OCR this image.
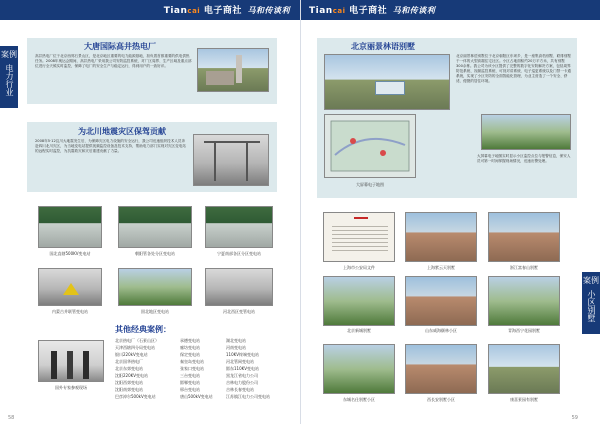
Tiancai 电子商社 马和传谈利
案例
电力行业
大唐国际高井热电厂
高井热电厂位于北京西郊石景山区，是北京地区重要的电力能源基地，担负着首都重要的供电供热任务。2008年奥运会期间，高井热电厂采用我公司安防监控系统，对厂区周界、生产区域及重点部位进行全天候实时监控，保障了电厂的安全生产与稳定运行，得到用户的一致好评。
为北川地震灾区保驾贡献
2008年5·12汶川大地震发生后，为保障灾区电力设施的安全运行，我公司迅速组织技术人员奔赴四川北川灾区，为当地变电站提供视频监控设备及技术支持，帮助电力部门实现对灾区变电站的远程实时监控，为抗震救灾和灾后重建贡献了力量。
国北直辖500KV变电站	朝阳管各处分区变电站	宁夏南部各区分区变电站
内蒙古并联管变电站	固北地区变电站	河北西区变管电站
国外专家参观现场
其他经典案例：
北京热电厂（石景山区）
天津西辖四分局变电站
银川220kV变电站
北京国华热电厂
北京东郊变电站
沈阳220KV变电站
沈阳西郊变电站
沈阳南郊变电站
巴彦淖尔500kV变电站
承德变电站
廊坊变电站
保定变电站
秦皇岛变电站
张家口变电站
三台变电站
邯郸变电站
邢台变电站
唐山500kV变电站
湖北变电站
河南变电站
110KV终端变电站
河北管网变电站
邯东110KV变电站
黑龙江省电力公司
吉林电力股份公司
吉林长春变电站
江苏镇江电力公司变电站
58
Tiancai 电子商社 马和传谈利
案例
小区别墅
北京丽景林语别墅
北京丽景林语别墅位于北京朝阳区东坝乡，是一座集高档别墅、联排别墅于一体的大型高端住宅社区。小区占地面积约20万平方米，共有别墅300余栋。我公司为该小区提供了完整的数字化安防解决方案，包括周界防范系统、视频监控系统、可视对讲系统、电子巡更系统以及门禁一卡通系统，实现了小区安防的全面智能化管理，为业主营造了一个安全、舒适、便捷的居住环境。
大屏幕电子地图
大屏幕电子地图实时显示小区监控点位与报警信息，保安人员可第一时间掌握现场情况，迅速出警处理。
上海市公安局文件	上海紫云天别墅	浙江富春山别墅
北京新城别墅	山东威海颐林小区	青海西宁花园别墅
东城名仕别墅小区	西长安别墅小区	康喜景园有别墅
59
